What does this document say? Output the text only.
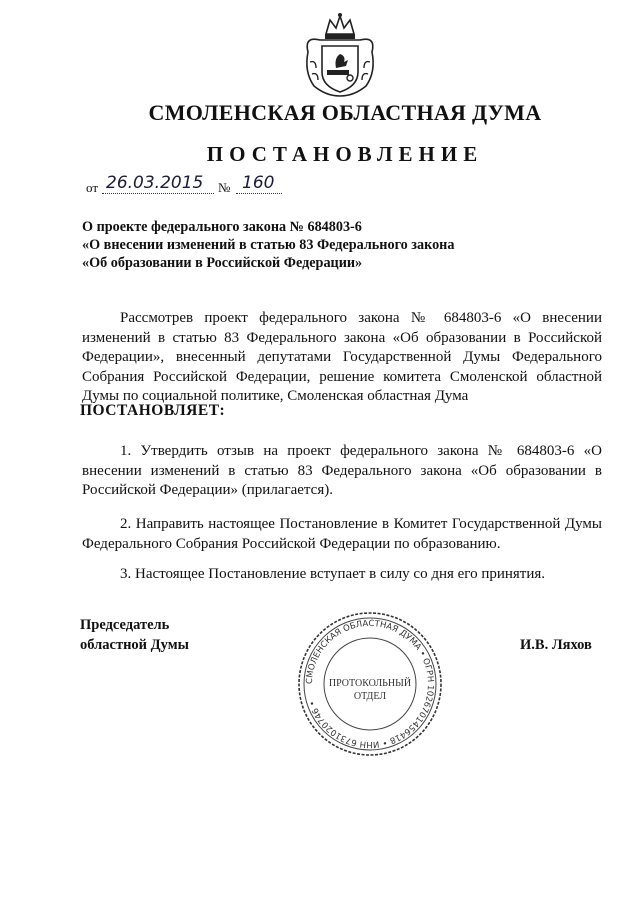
СМОЛЕНСКАЯ ОБЛАСТНАЯ ДУМА
ПОСТАНОВЛЕНИЕ
от 26.03.2015 № 160
О проекте федерального закона № 684803-6
«О внесении изменений в статью 83 Федерального закона
«Об образовании в Российской Федерации»
Рассмотрев проект федерального закона № 684803-6 «О внесении изменений в статью 83 Федерального закона «Об образовании в Российской Федерации», внесенный депутатами Государственной Думы Федерального Собрания Российской Федерации, решение комитета Смоленской областной Думы по социальной политике, Смоленская областная Дума
ПОСТАНОВЛЯЕТ:
1. Утвердить отзыв на проект федерального закона № 684803-6 «О внесении изменений в статью 83 Федерального закона «Об образовании в Российской Федерации» (прилагается).
2. Направить настоящее Постановление в Комитет Государственной Думы Федерального Собрания Российской Федерации по образованию.
3. Настоящее Постановление вступает в силу со дня его принятия.
Председатель
областной Думы	И.В. Ляхов
СМОЛЕНСКАЯ ОБЛАСТНАЯ ДУМА • ОГРН 1026701456418 • ИНН 6731020746 •
ПРОТОКОЛЬНЫЙ
ОТДЕЛ
